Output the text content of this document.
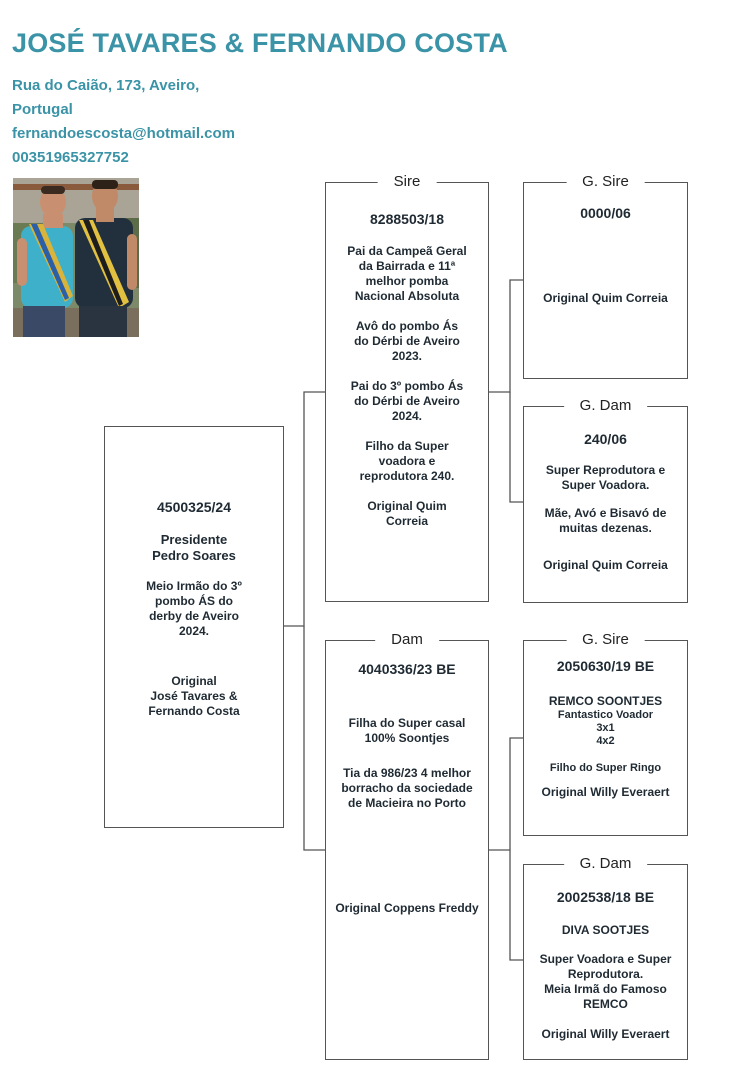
JOSÉ TAVARES & FERNANDO COSTA

Rua do Caião, 173, Aveiro,

Portugal

fernandoescosta@hotmail.com

00351965327752

4500325/24
Presidente
Pedro Soares
Meio Irmão do 3º
pombo ÁS do
derby de Aveiro
2024.
Original
José Tavares &
Fernando Costa
Sire
8288503/18
Pai da Campeã Geral
da Bairrada e 11ª
melhor pomba
Nacional Absoluta
Avô do pombo Ás
do Dérbi de Aveiro
2023.
Pai do 3º pombo Ás
do Dérbi de Aveiro
2024.
Filho da Super
voadora e
reprodutora 240.
Original Quim
Correia
Dam
4040336/23 BE
Filha do Super casal
100% Soontjes
Tia da 986/23 4 melhor
borracho da sociedade
de Macieira no Porto
Original Coppens Freddy
G. Sire
0000/06
Original Quim Correia
G. Dam
240/06
Super Reprodutora e
Super Voadora.
Mãe, Avó e Bisavó de
muitas dezenas.
Original Quim Correia
G. Sire
2050630/19 BE
REMCO SOONTJES
Fantastico Voador
3x1
4x2
Filho do Super Ringo
Original Willy Everaert
G. Dam
2002538/18 BE
DIVA SOOTJES
Super Voadora e Super
Reprodutora.
Meia Irmã do Famoso
REMCO
Original Willy Everaert
